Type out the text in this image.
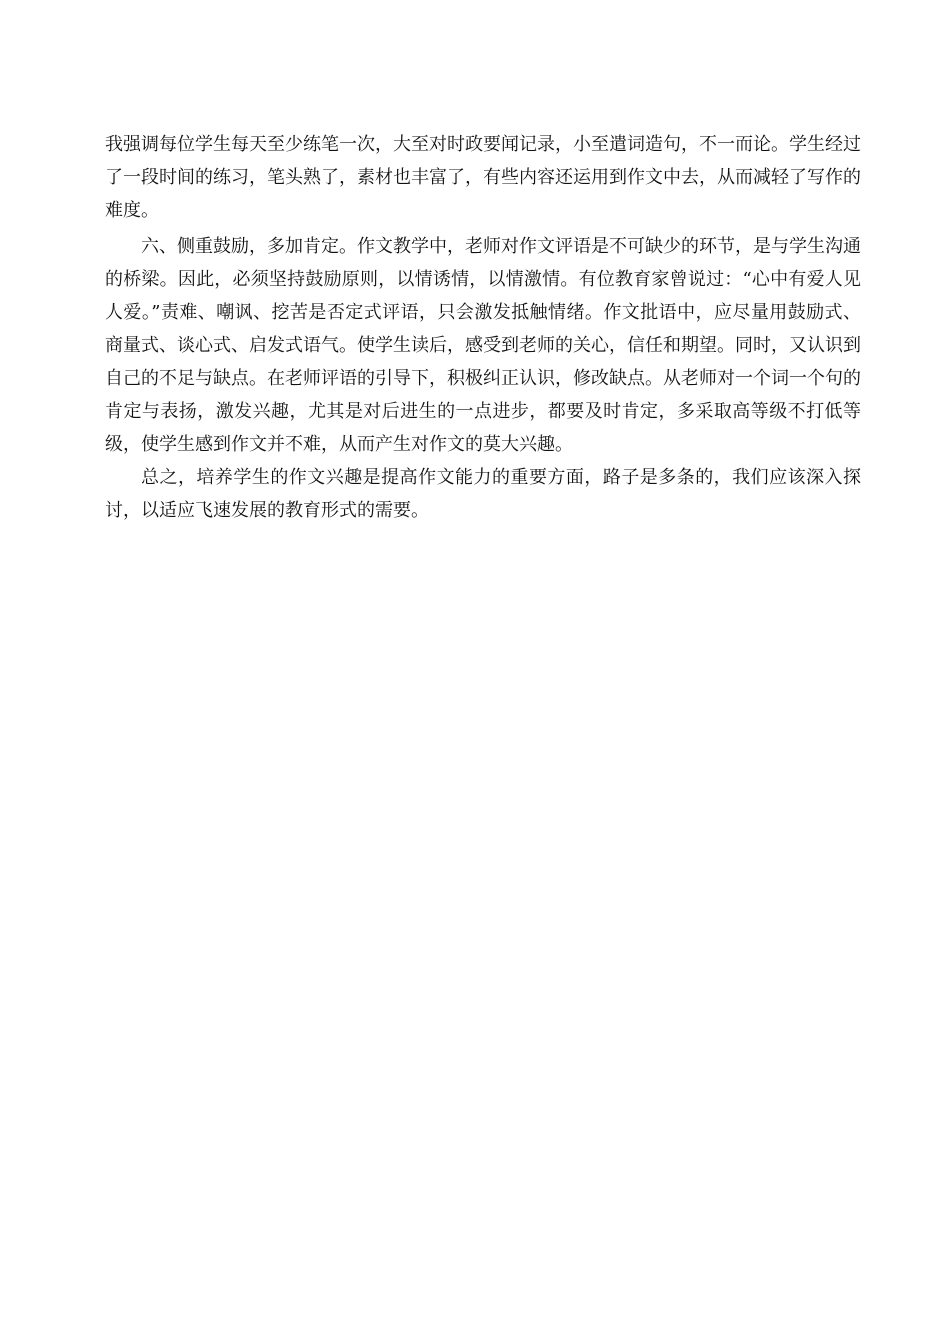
我强调每位学生每天至少练笔一次，大至对时政要闻记录，小至遣词造句，不一而论。学生经过了一段时间的练习，笔头熟了，素材也丰富了，有些内容还运用到作文中去，从而减轻了写作的难度。

六、侧重鼓励，多加肯定。作文教学中，老师对作文评语是不可缺少的环节，是与学生沟通的桥梁。因此，必须坚持鼓励原则，以情诱情，以情激情。有位教育家曾说过：“心中有爱人见人爱。”责难、嘲讽、挖苦是否定式评语，只会激发抵触情绪。作文批语中，应尽量用鼓励式、商量式、谈心式、启发式语气。使学生读后，感受到老师的关心，信任和期望。同时，又认识到自己的不足与缺点。在老师评语的引导下，积极纠正认识，修改缺点。从老师对一个词一个句的肯定与表扬，激发兴趣，尤其是对后进生的一点进步，都要及时肯定，多采取高等级不打低等级，使学生感到作文并不难，从而产生对作文的莫大兴趣。

总之，培养学生的作文兴趣是提高作文能力的重要方面，路子是多条的，我们应该深入探讨，以适应飞速发展的教育形式的需要。
